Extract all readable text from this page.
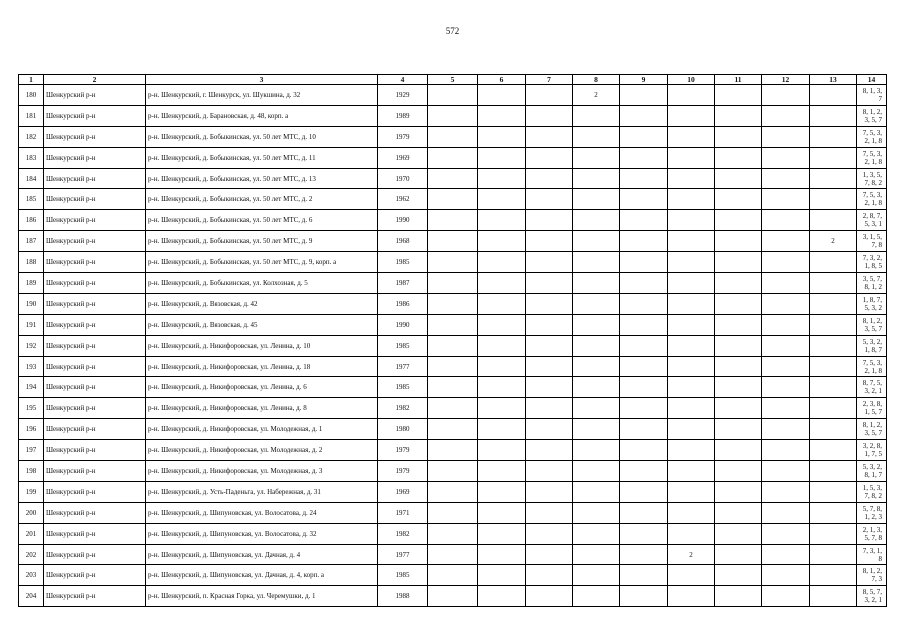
572
1	2	3	4	5	6	7	8	9	10	11	12	13	14
180	Шенкурский р-н	р-н. Шенкурский, г. Шенкурск, ул. Шукшина, д. 32	1929				2						8, 1, 3, 7
181	Шенкурский р-н	р-н. Шенкурский, д. Барановская, д. 48, корп. а	1989										8, 1, 2, 3, 5, 7
182	Шенкурский р-н	р-н. Шенкурский, д. Бобыкинская, ул. 50 лет МТС, д. 10	1979										7, 5, 3, 2, 1, 8
183	Шенкурский р-н	р-н. Шенкурский, д. Бобыкинская, ул. 50 лет МТС, д. 11	1969										7, 5, 3, 2, 1, 8
184	Шенкурский р-н	р-н. Шенкурский, д. Бобыкинская, ул. 50 лет МТС, д. 13	1970										1, 3, 5, 7, 8, 2
185	Шенкурский р-н	р-н. Шенкурский, д. Бобыкинская, ул. 50 лет МТС, д. 2	1962										7, 5, 3, 2, 1, 8
186	Шенкурский р-н	р-н. Шенкурский, д. Бобыкинская, ул. 50 лет МТС, д. 6	1990										2, 8, 7, 5, 3, 1
187	Шенкурский р-н	р-н. Шенкурский, д. Бобыкинская, ул. 50 лет МТС, д. 9	1968									2	3, 1, 5, 7, 8
188	Шенкурский р-н	р-н. Шенкурский, д. Бобыкинская, ул. 50 лет МТС, д. 9, корп. а	1985										7, 3, 2, 1, 8, 5
189	Шенкурский р-н	р-н. Шенкурский, д. Бобыкинская, ул. Колхозная, д. 5	1987										3, 5, 7, 8, 1, 2
190	Шенкурский р-н	р-н. Шенкурский, д. Вязовская, д. 42	1986										1, 8, 7, 5, 3, 2
191	Шенкурский р-н	р-н. Шенкурский, д. Вязовская, д. 45	1990										8, 1, 2, 3, 5, 7
192	Шенкурский р-н	р-н. Шенкурский, д. Никифоровская, ул. Ленина, д. 10	1985										5, 3, 2, 1, 8, 7
193	Шенкурский р-н	р-н. Шенкурский, д. Никифоровская, ул. Ленина, д. 18	1977										7, 5, 3, 2, 1, 8
194	Шенкурский р-н	р-н. Шенкурский, д. Никифоровская, ул. Ленина, д. 6	1985										8, 7, 5, 3, 2, 1
195	Шенкурский р-н	р-н. Шенкурский, д. Никифоровская, ул. Ленина, д. 8	1982										2, 3, 8, 1, 5, 7
196	Шенкурский р-н	р-н. Шенкурский, д. Никифоровская, ул. Молодежная, д. 1	1980										8, 1, 2, 3, 5, 7
197	Шенкурский р-н	р-н. Шенкурский, д. Никифоровская, ул. Молодежная, д. 2	1979										3, 2, 8, 1, 7, 5
198	Шенкурский р-н	р-н. Шенкурский, д. Никифоровская, ул. Молодежная, д. 3	1979										5, 3, 2, 8, 1, 7
199	Шенкурский р-н	р-н. Шенкурский, д. Усть-Паденьга, ул. Набережная, д. 31	1969										1, 5, 3, 7, 8, 2
200	Шенкурский р-н	р-н. Шенкурский, д. Шипуновская, ул. Волосатова, д. 24	1971										5, 7, 8, 1, 2, 3
201	Шенкурский р-н	р-н. Шенкурский, д. Шипуновская, ул. Волосатова, д. 32	1982										2, 1, 3, 5, 7, 8
202	Шенкурский р-н	р-н. Шенкурский, д. Шипуновская, ул. Дачная, д. 4	1977						2				7, 3, 1, 8
203	Шенкурский р-н	р-н. Шенкурский, д. Шипуновская, ул. Дачная, д. 4, корп. а	1985										8, 1, 2, 7, 3
204	Шенкурский р-н	р-н. Шенкурский, п. Красная Горка, ул. Черемушки, д. 1	1988										8, 5, 7, 3, 2, 1
